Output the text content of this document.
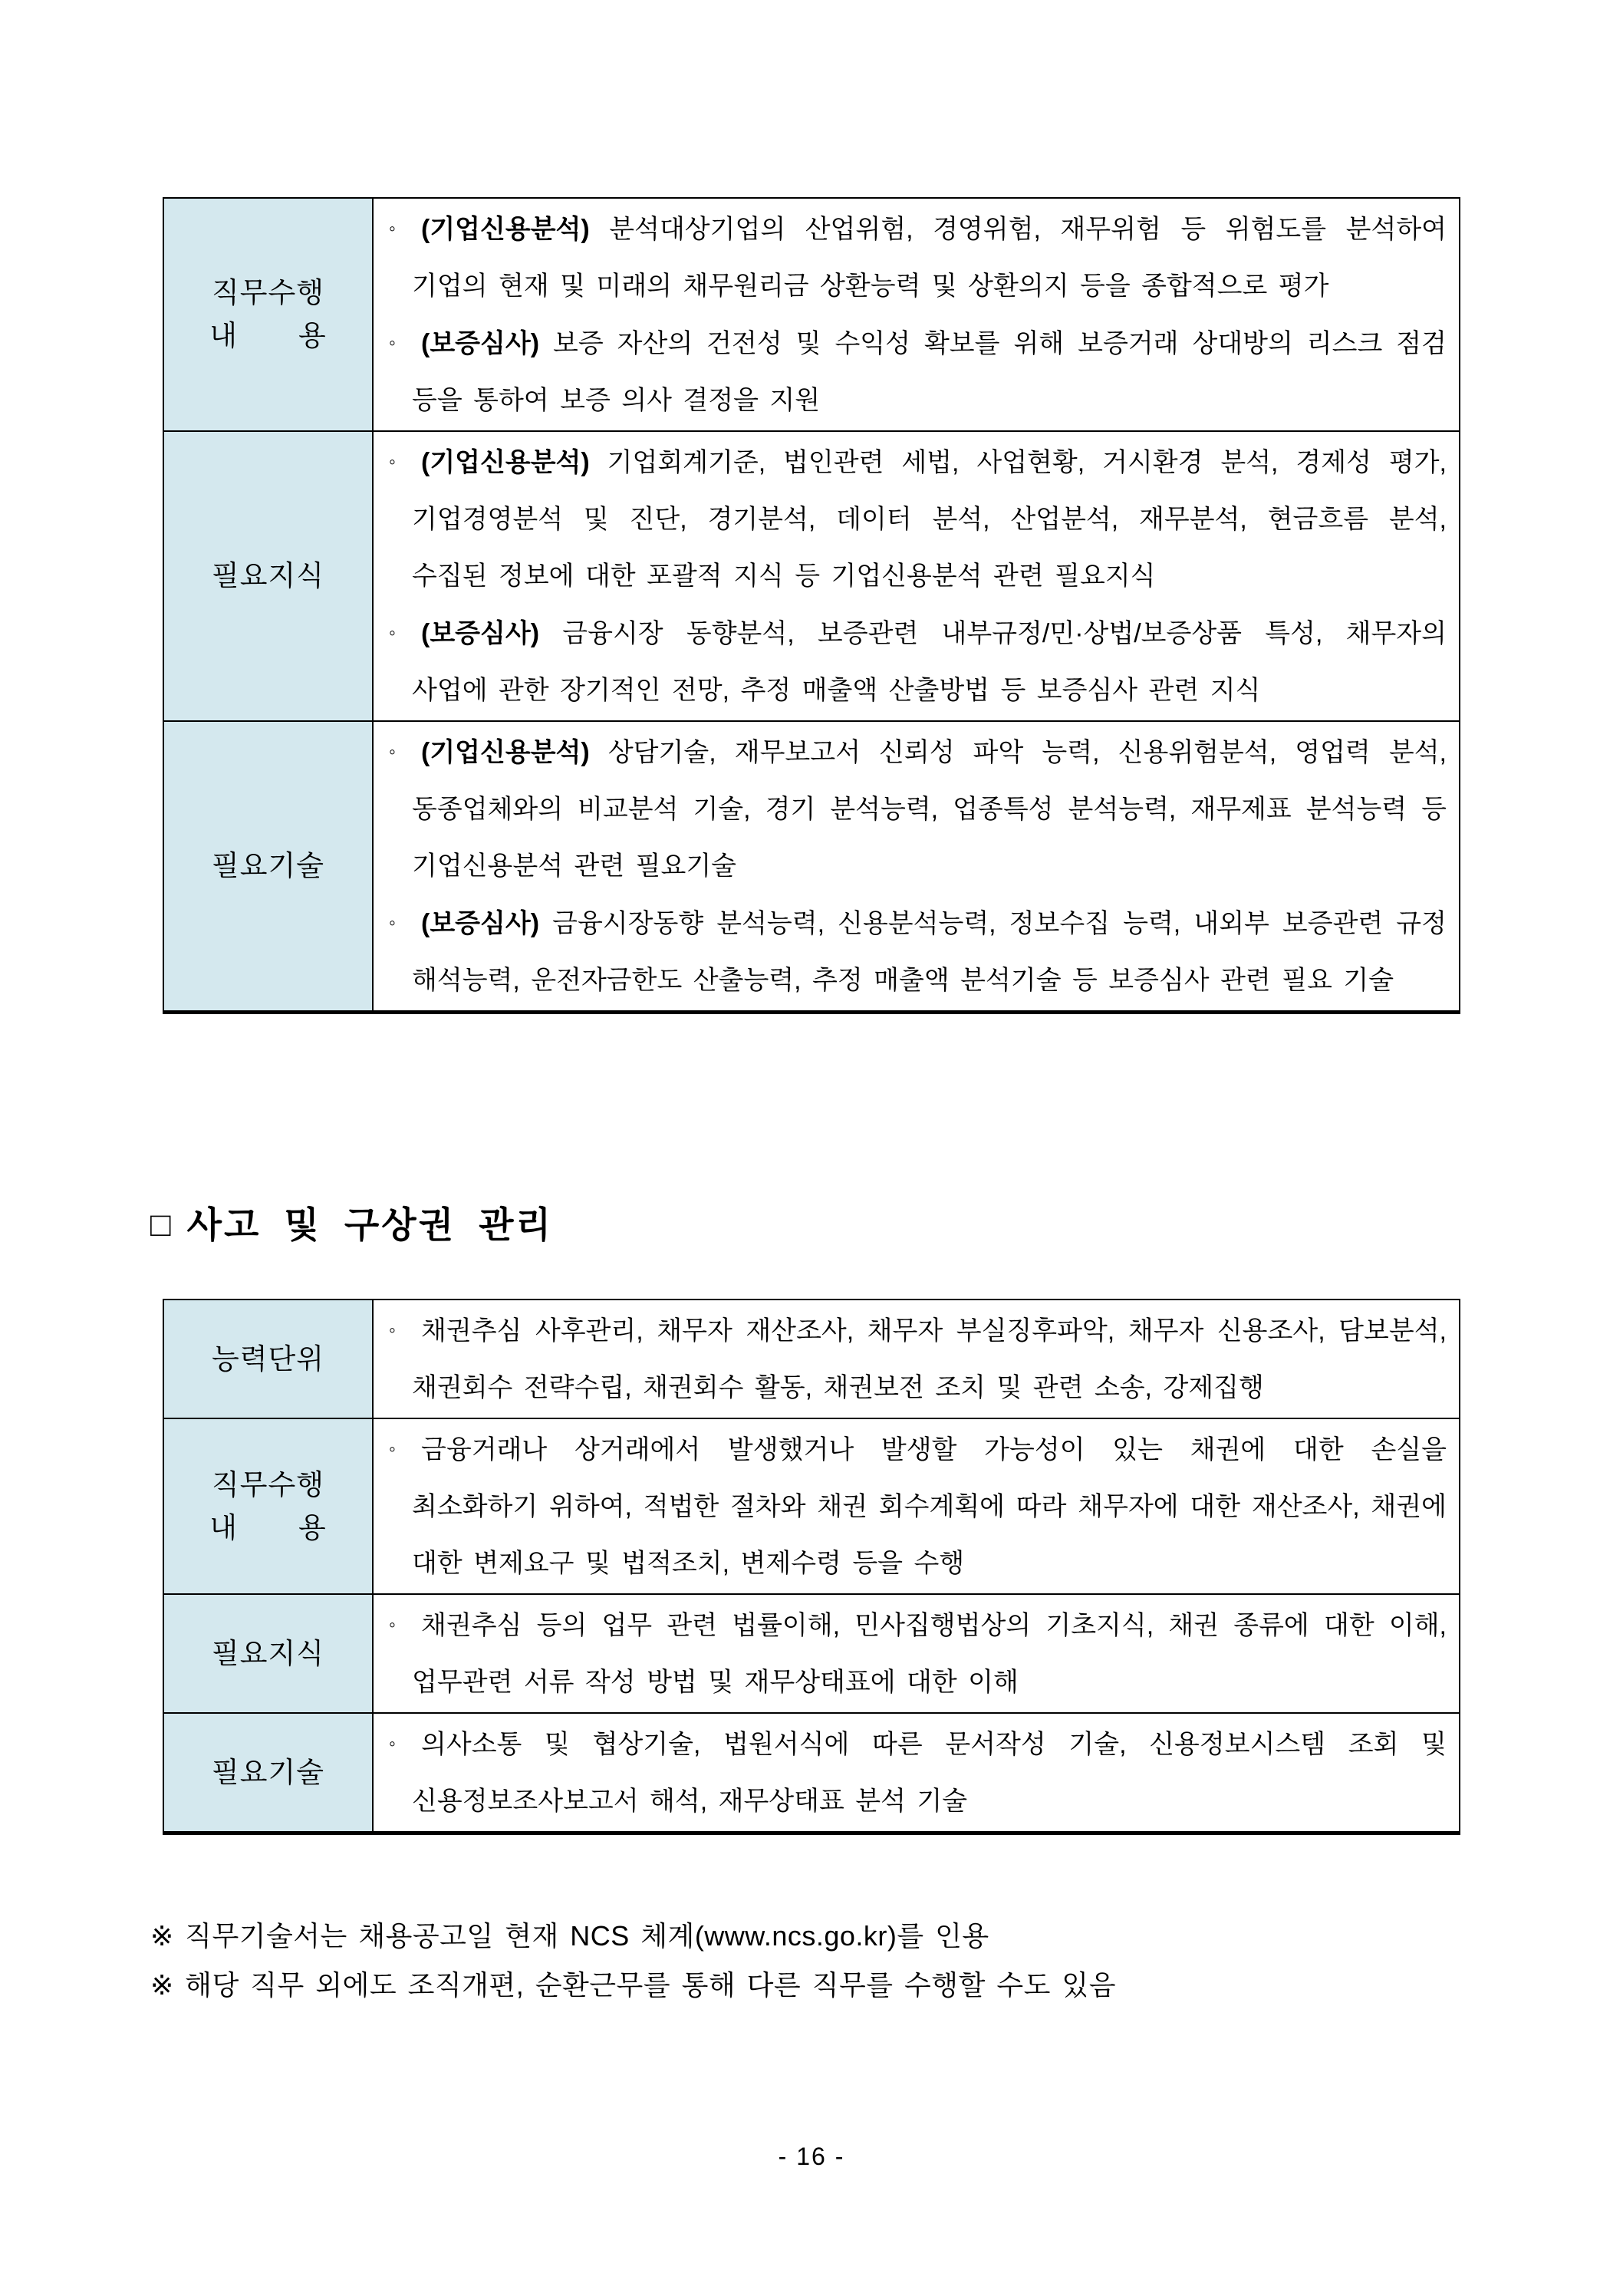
직무수행
내       용

◦ (기업신용분석) 분석대상기업의 산업위험, 경영위험, 재무위험 등 위험도를 분석하여 기업의 현재 및 미래의 채무원리금 상환능력 및 상환의지 등을 종합적으로 평가

◦ (보증심사) 보증 자산의 건전성 및 수익성 확보를 위해 보증거래 상대방의 리스크 점검 등을 통하여 보증 의사 결정을 지원

필요지식

◦ (기업신용분석) 기업회계기준, 법인관련 세법, 사업현황, 거시환경 분석, 경제성 평가, 기업경영분석 및 진단, 경기분석, 데이터 분석, 산업분석, 재무분석, 현금흐름 분석, 수집된 정보에 대한 포괄적 지식 등 기업신용분석 관련 필요지식

◦ (보증심사) 금융시장 동향분석, 보증관련 내부규정/민·상법/보증상품 특성, 채무자의 사업에 관한 장기적인 전망, 추정 매출액 산출방법 등 보증심사 관련 지식

필요기술

◦ (기업신용분석) 상담기술, 재무보고서 신뢰성 파악 능력, 신용위험분석, 영업력 분석, 동종업체와의 비교분석 기술, 경기 분석능력, 업종특성 분석능력, 재무제표 분석능력 등 기업신용분석 관련 필요기술

◦ (보증심사) 금융시장동향 분석능력, 신용분석능력, 정보수집 능력, 내외부 보증관련 규정 해석능력, 운전자금한도 산출능력, 추정 매출액 분석기술 등 보증심사 관련 필요 기술

□ 사고 및 구상권 관리
능력단위

◦ 채권추심 사후관리, 채무자 재산조사, 채무자 부실징후파악, 채무자 신용조사, 담보분석, 채권회수 전략수립, 채권회수 활동, 채권보전 조치 및 관련 소송, 강제집행

직무수행
내       용

◦ 금융거래나 상거래에서 발생했거나 발생할 가능성이 있는 채권에 대한 손실을 최소화하기 위하여, 적법한 절차와 채권 회수계획에 따라 채무자에 대한 재산조사, 채권에 대한 변제요구 및 법적조치, 변제수령 등을 수행

필요지식

◦ 채권추심 등의 업무 관련 법률이해, 민사집행법상의 기초지식, 채권 종류에 대한 이해, 업무관련 서류 작성 방법 및 재무상태표에 대한 이해

필요기술

◦ 의사소통 및 협상기술, 법원서식에 따른 문서작성 기술, 신용정보시스템 조회 및 신용정보조사보고서 해석, 재무상태표 분석 기술

※ 직무기술서는 채용공고일 현재 NCS 체계(www.ncs.go.kr)를 인용

※ 해당 직무 외에도 조직개편, 순환근무를 통해 다른 직무를 수행할 수도 있음

- 16 -
